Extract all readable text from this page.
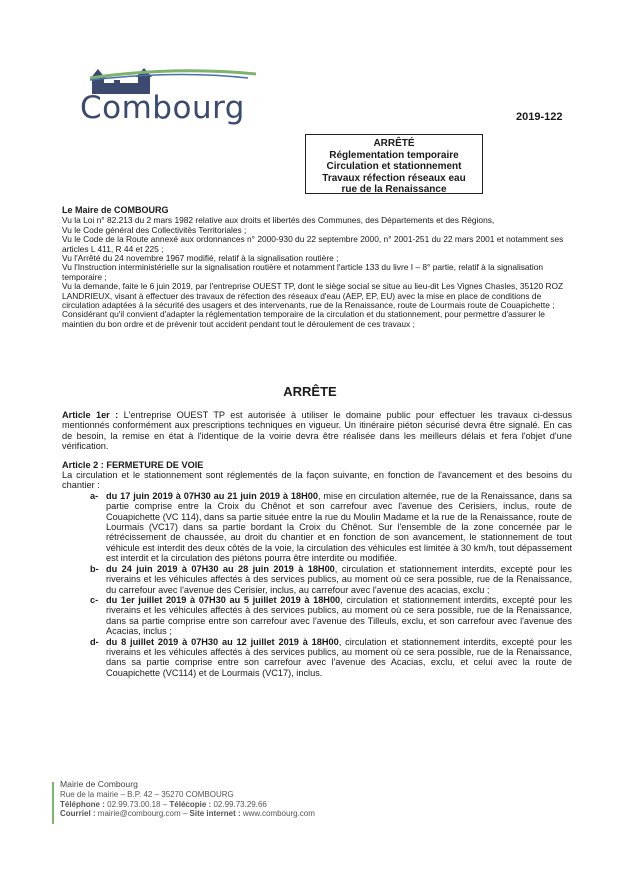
Combourg	2019-122
ARRÊTÉ
Réglementation temporaire
Circulation et stationnement
Travaux réfection réseaux eau
rue de la Renaissance

Le Maire de COMBOURG

Vu la Loi n° 82.213 du 2 mars 1982 relative aux droits et libertés des Communes, des Départements et des Régions,

Vu le Code général des Collectivités Territoriales ;

Vu le Code de la Route annexé aux ordonnances n° 2000-930 du 22 septembre 2000, n° 2001-251 du 22 mars 2001 et notamment ses articles L 411, R 44 et 225 ;

Vu l'Arrêté du 24 novembre 1967 modifié, relatif à la signalisation routière ;

Vu l'Instruction interministérielle sur la signalisation routière et notamment l'article 133 du livre I – 8° partie, relatif à la signalisation temporaire ;

Vu la demande, faite le 6 juin 2019, par l'entreprise OUEST TP, dont le siège social se situe au lieu-dit Les Vignes Chasles, 35120 ROZ LANDRIEUX, visant à effectuer des travaux de réfection des réseaux d'eau (AEP, EP, EU) avec la mise en place de conditions de circulation adaptées à la sécurité des usagers et des intervenants, rue de la Renaissance, route de Lourmais route de Couapichette ;

Considérant qu'il convient d'adapter la réglementation temporaire de la circulation et du stationnement, pour permettre d'assurer le maintien du bon ordre et de prévenir tout accident pendant tout le déroulement de ces travaux ;

ARRÊTE

Article 1er : L'entreprise OUEST TP est autorisée à utiliser le domaine public pour effectuer les travaux ci-dessus mentionnés conformément aux prescriptions techniques en vigueur. Un itinéraire piéton sécurisé devra être signalé. En cas de besoin, la remise en état à l'identique de la voirie devra être réalisée dans les meilleurs délais et fera l'objet d'une vérification.

Article 2 : FERMETURE DE VOIE

La circulation et le stationnement sont réglementés de la façon suivante, en fonction de l'avancement et des besoins du chantier :

a- du 17 juin 2019 à 07H30 au 21 juin 2019 à 18H00, mise en circulation alternée, rue de la Renaissance, dans sa partie comprise entre la Croix du Chênot et son carrefour avec l'avenue des Cerisiers, inclus, route de Couapichette (VC 114), dans sa partie située entre la rue du Moulin Madame et la rue de la Renaissance, route de Lourmais (VC17) dans sa partie bordant la Croix du Chênot. Sur l'ensemble de la zone concernée par le rétrécissement de chaussée, au droit du chantier et en fonction de son avancement, le stationnement de tout véhicule est interdit des deux côtés de la voie, la circulation des véhicules est limitée à 30 km/h, tout dépassement est interdit et la circulation des piétons pourra être interdite ou modifiée.
b- du 24 juin 2019 à 07H30 au 28 juin 2019 à 18H00, circulation et stationnement interdits, excepté pour les riverains et les véhicules affectés à des services publics, au moment où ce sera possible, rue de la Renaissance, du carrefour avec l'avenue des Cerisier, inclus, au carrefour avec l'avenue des acacias, exclu ;
c- du 1er juillet 2019 à 07H30 au 5 juillet 2019 à 18H00, circulation et stationnement interdits, excepté pour les riverains et les véhicules affectés à des services publics, au moment où ce sera possible, rue de la Renaissance, dans sa partie comprise entre son carrefour avec l'avenue des Tilleuls, exclu, et son carrefour avec l'avenue des Acacias, inclus ;
d- du 8 juillet 2019 à 07H30 au 12 juillet 2019 à 18H00, circulation et stationnement interdits, excepté pour les riverains et les véhicules affectés à des services publics, au moment où ce sera possible, rue de la Renaissance, dans sa partie comprise entre son carrefour avec l'avenue des Acacias, exclu, et celui avec la route de Couapichette (VC114) et de Lourmais (VC17), inclus.
Mairie de Combourg
Rue de la mairie – B.P. 42 – 35270 COMBOURG
Téléphone : 02.99.73.00.18 – Télécopie : 02.99.73.29.66
Courriel : mairie@combourg.com – Site internet : www.combourg.com
